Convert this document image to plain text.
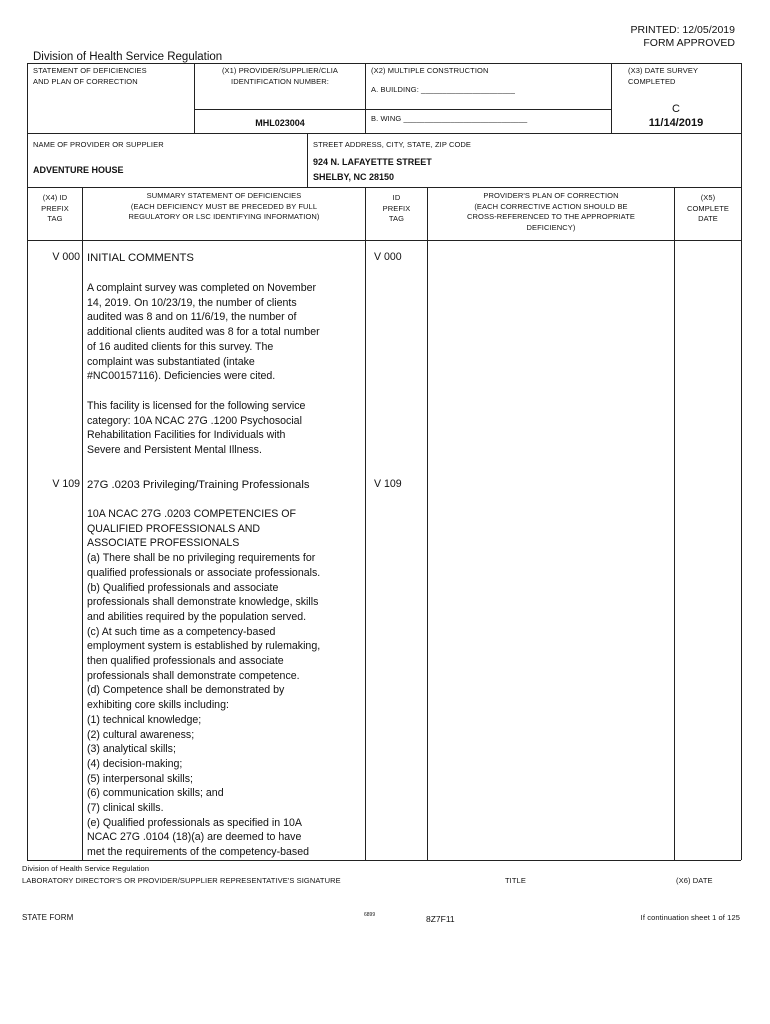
PRINTED: 12/05/2019
FORM APPROVED
Division of Health Service Regulation
STATEMENT OF DEFICIENCIES
AND PLAN OF CORRECTION
(X1) PROVIDER/SUPPLIER/CLIA
IDENTIFICATION NUMBER:
MHL023004
(X2) MULTIPLE CONSTRUCTION
A. BUILDING: ______________________
B. WING _____________________________
(X3) DATE SURVEY
COMPLETED
C
11/14/2019
NAME OF PROVIDER OR SUPPLIER
ADVENTURE HOUSE
STREET ADDRESS, CITY, STATE, ZIP CODE
924 N. LAFAYETTE STREET
SHELBY, NC 28150
(X4) ID
PREFIX
TAG
SUMMARY STATEMENT OF DEFICIENCIES
(EACH DEFICIENCY MUST BE PRECEDED BY FULL
REGULATORY OR LSC IDENTIFYING INFORMATION)
ID
PREFIX
TAG
PROVIDER'S PLAN OF CORRECTION
(EACH CORRECTIVE ACTION SHOULD BE
CROSS-REFERENCED TO THE APPROPRIATE
DEFICIENCY)
(X5)
COMPLETE
DATE
V 000	V 000
INITIAL COMMENTS
A complaint survey was completed on November
14, 2019. On 10/23/19, the number of clients
audited was 8 and on 11/6/19, the number of
additional clients audited was 8 for a total number
of 16 audited clients for this survey. The
complaint was substantiated (intake
#NC00157116). Deficiencies were cited.
This facility is licensed for the following service
category: 10A NCAC 27G .1200 Psychosocial
Rehabilitation Facilities for Individuals with
Severe and Persistent Mental Illness.
V 109	V 109
27G .0203 Privileging/Training Professionals
10A NCAC 27G .0203 COMPETENCIES OF
QUALIFIED PROFESSIONALS AND
ASSOCIATE PROFESSIONALS
(a) There shall be no privileging requirements for
qualified professionals or associate professionals.
(b) Qualified professionals and associate
professionals shall demonstrate knowledge, skills
and abilities required by the population served.
(c) At such time as a competency-based
employment system is established by rulemaking,
then qualified professionals and associate
professionals shall demonstrate competence.
(d) Competence shall be demonstrated by
exhibiting core skills including:
(1) technical knowledge;
(2) cultural awareness;
(3) analytical skills;
(4) decision-making;
(5) interpersonal skills;
(6) communication skills; and
(7) clinical skills.
(e) Qualified professionals as specified in 10A
NCAC 27G .0104 (18)(a) are deemed to have
met the requirements of the competency-based
Division of Health Service Regulation
LABORATORY DIRECTOR'S OR PROVIDER/SUPPLIER REPRESENTATIVE'S SIGNATURE	TITLE	(X6) DATE
STATE FORM	6899	8Z7F11	If continuation sheet 1 of 125
